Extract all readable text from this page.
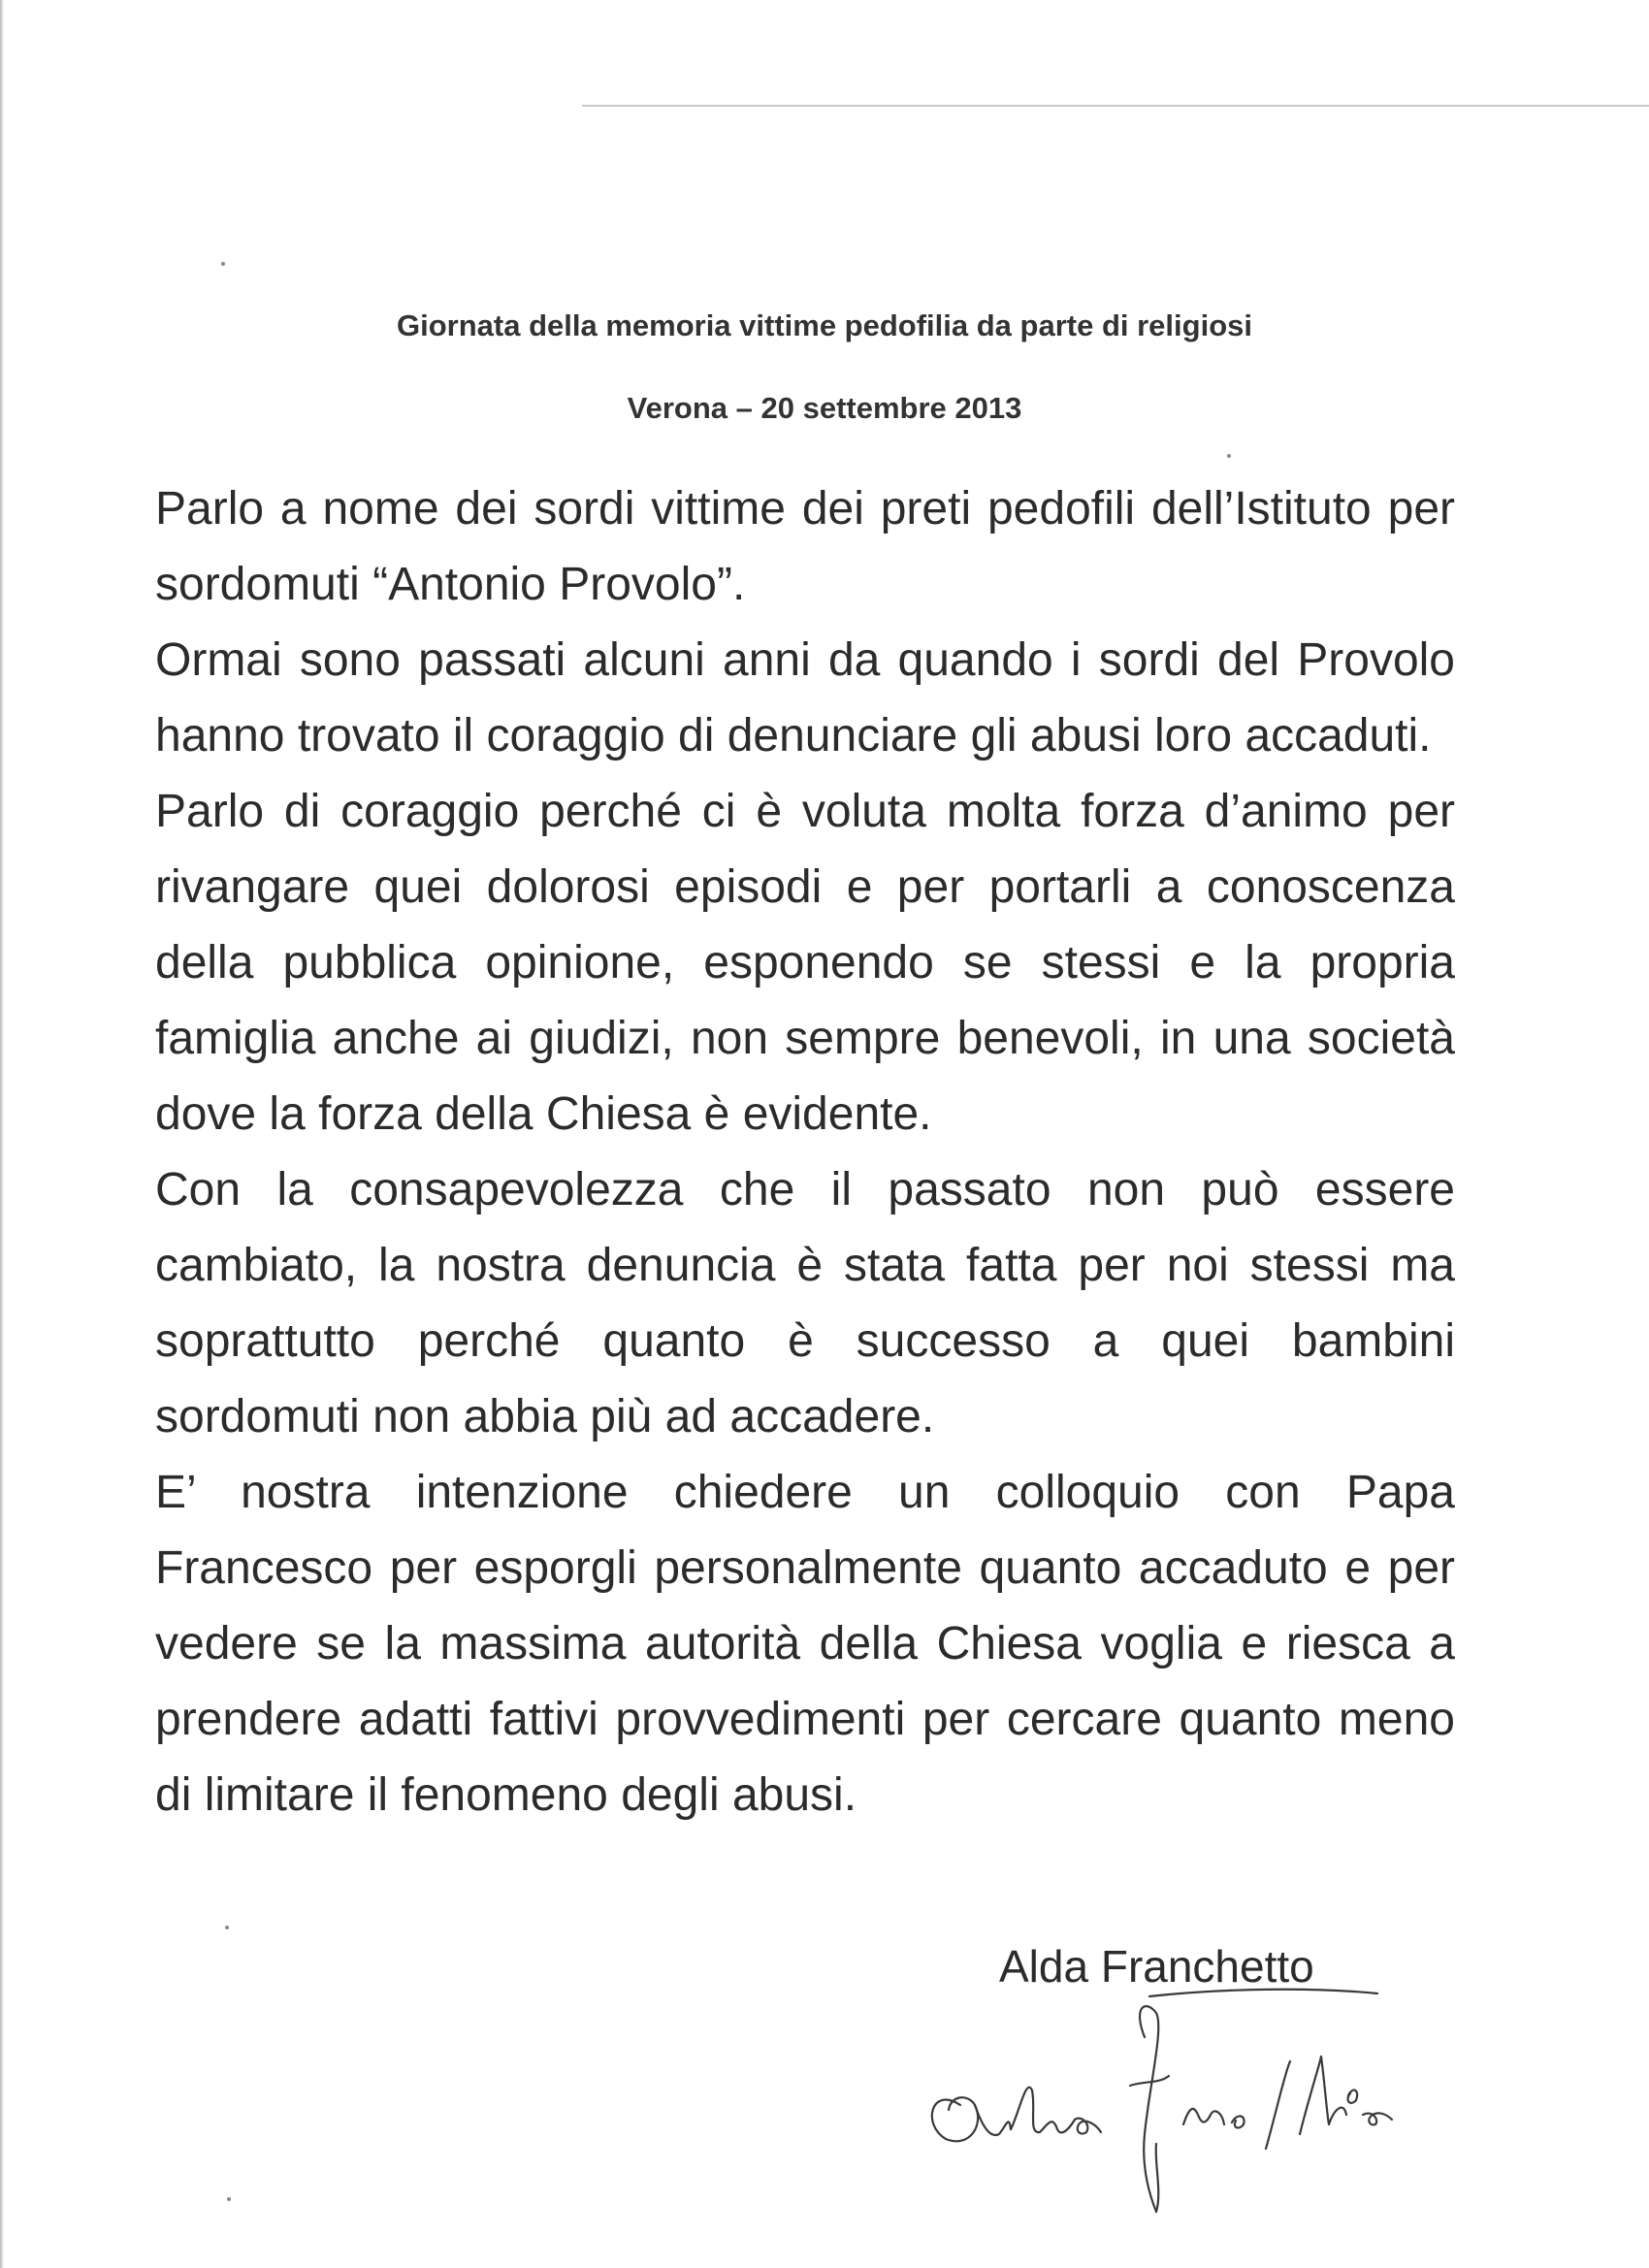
Giornata della memoria vittime pedofilia da parte di religiosi
Verona – 20 settembre 2013

Parlo a nome dei sordi vittime dei preti pedofili dell’Istituto per sordomuti “Antonio Provolo”.

Ormai sono passati alcuni anni da quando i sordi del Provolo hanno trovato il coraggio di denunciare gli abusi loro accaduti.

Parlo di coraggio perché ci è voluta molta forza d’animo per rivangare quei dolorosi episodi e per portarli a conoscenza della pubblica opinione, esponendo se stessi e la propria famiglia anche ai giudizi, non sempre benevoli, in una società dove la forza della Chiesa è evidente.

Con la consapevolezza che il passato non può essere cambiato, la nostra denuncia è stata fatta per noi stessi ma soprattutto perché quanto è successo a quei bambini sordomuti non abbia più ad accadere.

E’ nostra intenzione chiedere un colloquio con Papa Francesco per esporgli personalmente quanto accaduto e per vedere se la massima autorità della Chiesa voglia e riesca a prendere adatti fattivi provvedimenti per cercare quanto meno di limitare il fenomeno degli abusi.

Alda Franchetto
